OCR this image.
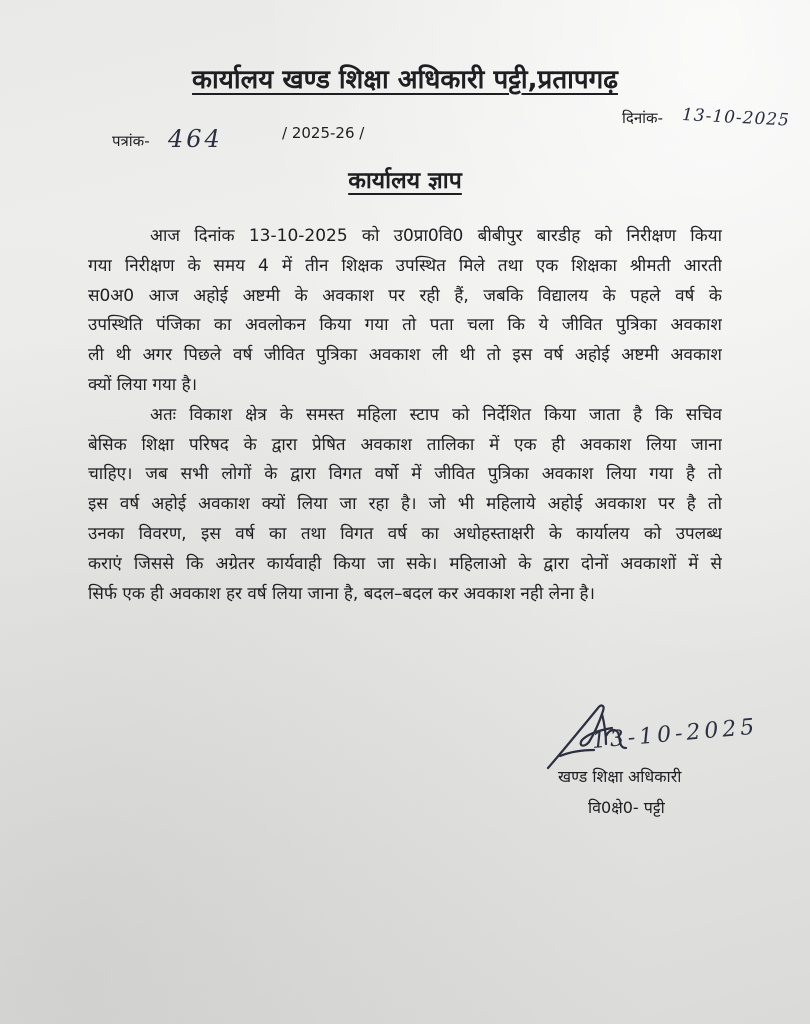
कार्यालय खण्ड शिक्षा अधिकारी पट्टी,प्रतापगढ़
पत्रांक- 464	/ 2025-26 /
दिनांक- 13-10-2025
कार्यालय ज्ञाप
आज दिनांक 13-10-2025 को उ0प्रा0वि0 बीबीपुर बारडीह को निरीक्षण किया
गया निरीक्षण के समय 4 में तीन शिक्षक उपस्थित मिले तथा एक शिक्षका श्रीमती आरती
स0अ0 आज अहोई अष्टमी के अवकाश पर रही हैं, जबकि विद्यालय के पहले वर्ष के
उपस्थिति पंजिका का अवलोकन किया गया तो पता चला कि ये जीवित पुत्रिका अवकाश
ली थी अगर पिछले वर्ष जीवित पुत्रिका अवकाश ली थी तो इस वर्ष अहोई अष्टमी अवकाश
क्यों लिया गया है।
अतः विकाश क्षेत्र के समस्त महिला स्टाप को निर्देशित किया जाता है कि सचिव
बेसिक शिक्षा परिषद के द्वारा प्रेषित अवकाश तालिका में एक ही अवकाश लिया जाना
चाहिए। जब सभी लोगों के द्वारा विगत वर्षो में जीवित पुत्रिका अवकाश लिया गया है तो
इस वर्ष अहोई अवकाश क्यों लिया जा रहा है। जो भी महिलाये अहोई अवकाश पर है तो
उनका विवरण, इस वर्ष का तथा विगत वर्ष का अधोहस्ताक्षरी के कार्यालय को उपलब्ध
कराएं जिससे कि अग्रेतर कार्यवाही किया जा सके। महिलाओ के द्वारा दोनों अवकाशों में से
सिर्फ एक ही अवकाश हर वर्ष लिया जाना है, बदल–बदल कर अवकाश नही लेना है।
13-10-2025
खण्ड शिक्षा अधिकारी
वि0क्षे0- पट्टी
